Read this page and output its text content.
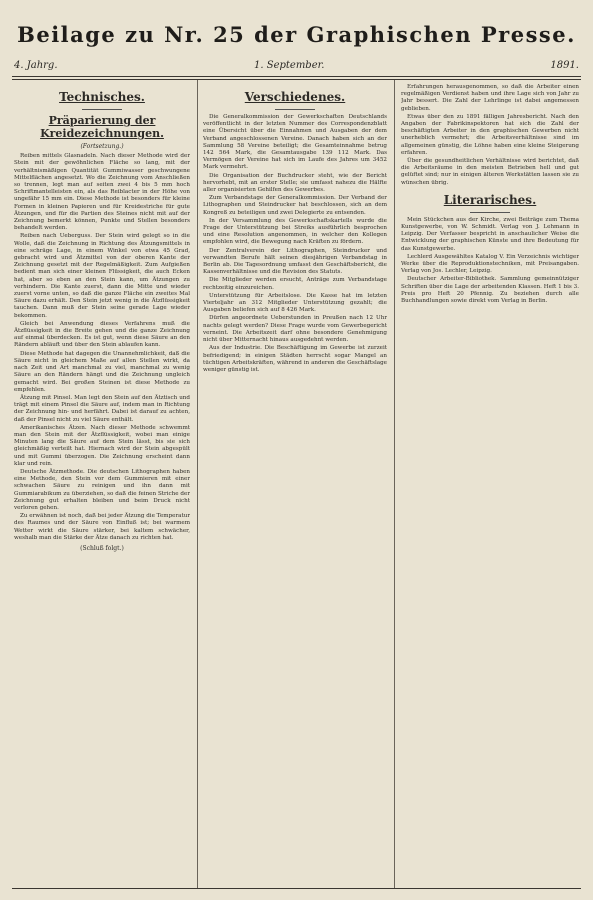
Beilage zu Nr. 25 der Graphischen Presse.
4. Jahrg.	1. September.	1891.
Technisches.
Präparierung der Kreidezeichnungen.
(Fortsetzung.)

Reiben mittels Glasnadeln. Nach dieser Methode wird der Stein mit der gewöhnlichen Fläche so lang, mit der verhältnismäßigen Quantität Gummiwasser geschwungene Mittelflächen angesetzt. Wo die Zeichnung vom Anschließen so trennen, legt man auf seiten zwei 4 bis 5 mm hoch Schriftmantelleisten ein, als das Reiblacter in der Höhe von ungefähr 15 mm ein. Diese Methode ist besonders für kleine Formen in kleinen Papieren und für Kreidestriche für gute Ätzungen, und für die Partien des Steines nicht mit auf der Zeichnung bemerkt können, Punkte und Stellen besonders behandelt werden.

Reiben nach Ueberguss. Der Stein wird gelegt so in die Wolle, daß die Zeichnung in Richtung des Ätzungsmittels in eine schräge Lage, in einem Winkel von etwa 45 Grad, gebracht wird und Ätzmittel von der oberen Kante der Zeichnung gesetzt mit der Regelmäßigkeit. Zum Aufgießen bedient man sich einer kleinen Flüssigkeit, die auch Ecken hat, aber so eben an den Stein kann, um Ätzungen zu verhindern. Die Kante zuerst, dann die Mitte und wieder zuerst vorne unten, so daß die ganze Fläche ein zweites Mal Säure dazu erhält. Den Stein jetzt wenig in die Ätzflüssigkeit tauchen. Dann muß der Stein seine gerade Lage wieder bekommen.

Gleich bei Anwendung dieses Verfahrens muß die Ätzflüssigkeit in die Breite gehen und die ganze Zeichnung auf einmal überdecken. Es ist gut, wenn diese Säure an den Rändern abläuft und über den Stein ablaufen kann.

Diese Methode hat dagegen die Unannehmlichkeit, daß die Säure nicht in gleichem Maße auf allen Stellen wirkt, da nach Zeit und Art manchmal zu viel, manchmal zu wenig Säure an den Rändern hängt und die Zeichnung ungleich gemacht wird. Bei großen Steinen ist diese Methode zu empfehlen.

Ätzung mit Pinsel. Man legt den Stein auf den Ätztisch und trägt mit einem Pinsel die Säure auf, indem man in Richtung der Zeichnung hin- und herfährt. Dabei ist darauf zu achten, daß der Pinsel nicht zu viel Säure enthält.

Amerikanisches Ätzen. Nach dieser Methode schwemmt man den Stein mit der Ätzflüssigkeit, wobei man einige Minuten lang die Säure auf dem Stein lässt, bis sie sich gleichmäßig verteilt hat. Hiernach wird der Stein abgespült und mit Gummi überzogen. Die Zeichnung erscheint dann klar und rein.

Deutsche Ätzmethode. Die deutschen Lithographen haben eine Methode, den Stein vor dem Gummieren mit einer schwachen Säure zu reinigen und ihn dann mit Gummiarabikum zu überziehen, so daß die feinen Striche der Zeichnung gut erhalten bleiben und beim Druck nicht verloren gehen.

Zu erwähnen ist noch, daß bei jeder Ätzung die Temperatur des Raumes und der Säure von Einfluß ist; bei warmem Wetter wirkt die Säure stärker, bei kaltem schwächer, weshalb man die Stärke der Ätze danach zu richten hat.

(Schluß folgt.)
Verschiedenes.

Die Generalkommission der Gewerkschaften Deutschlands veröffentlicht in der letzten Nummer des Correspondenzblatt eine Übersicht über die Einnahmen und Ausgaben der dem Verband angeschlossenen Vereine. Danach haben sich an der Sammlung 58 Vereine beteiligt; die Gesamteinnahme betrug 142 564 Mark, die Gesamtausgabe 139 112 Mark. Das Vermögen der Vereine hat sich im Laufe des Jahres um 3452 Mark vermehrt.

Die Organisation der Buchdrucker steht, wie der Bericht hervorhebt, mit an erster Stelle; sie umfasst nahezu die Hälfte aller organisierten Gehilfen des Gewerbes.

Zum Verbandstage der Generalkommission. Der Verband der Lithographen und Steindrucker hat beschlossen, sich an dem Kongreß zu beteiligen und zwei Delegierte zu entsenden.

In der Versammlung des Gewerkschaftskartells wurde die Frage der Unterstützung bei Streiks ausführlich besprochen und eine Resolution angenommen, in welcher den Kollegen empfohlen wird, die Bewegung nach Kräften zu fördern.

Der Zentralverein der Lithographen, Steindrucker und verwandten Berufe hält seinen diesjährigen Verbandstag in Berlin ab. Die Tagesordnung umfasst den Geschäftsbericht, die Kassenverhältnisse und die Revision des Statuts.

Die Mitglieder werden ersucht, Anträge zum Verbandstage rechtzeitig einzureichen.

Unterstützung für Arbeitslose. Die Kasse hat im letzten Vierteljahr an 312 Mitglieder Unterstützung gezahlt; die Ausgaben beliefen sich auf 8 426 Mark.

Dürfen angeordnete Ueberstunden in Preußen nach 12 Uhr nachts gelegt werden? Diese Frage wurde vom Gewerbegericht verneint. Die Arbeitszeit darf ohne besondere Genehmigung nicht über Mitternacht hinaus ausgedehnt werden.

Aus der Industrie. Die Beschäftigung im Gewerbe ist zurzeit befriedigend; in einigen Städten herrscht sogar Mangel an tüchtigen Arbeitskräften, während in anderen die Geschäftslage weniger günstig ist.

Erfahrungen herausgenommen, so daß die Arbeiter einen regelmäßigen Verdienst haben und ihre Lage sich von Jahr zu Jahr bessert. Die Zahl der Lehrlinge ist dabei angemessen geblieben.

Etwas über den zu 1891 fälligen Jahresbericht. Nach den Angaben der Fabrikinspektoren hat sich die Zahl der beschäftigten Arbeiter in den graphischen Gewerben nicht unerheblich vermehrt; die Arbeitsverhältnisse sind im allgemeinen günstig, die Löhne haben eine kleine Steigerung erfahren.

Über die gesundheitlichen Verhältnisse wird berichtet, daß die Arbeitsräume in den meisten Betrieben hell und gut gelüftet sind; nur in einigen älteren Werkstätten lassen sie zu wünschen übrig.

Literarisches.

Mein Stückchen aus der Kirche, zwei Beiträge zum Thema Kunstgewerbe, von W. Schmidt. Verlag von J. Lehmann in Leipzig. Der Verfasser bespricht in anschaulicher Weise die Entwicklung der graphischen Künste und ihre Bedeutung für das Kunstgewerbe.

Lechlerd Ausgewähltes Katalog V. Ein Verzeichnis wichtiger Werke über die Reproduktionstechniken, mit Preisangaben. Verlag von Jos. Lechler, Leipzig.

Deutscher Arbeiter-Bibliothek. Sammlung gemeinnütziger Schriften über die Lage der arbeitenden Klassen. Heft 1 bis 3. Preis pro Heft 20 Pfennig. Zu beziehen durch alle Buchhandlungen sowie direkt vom Verlag in Berlin.
